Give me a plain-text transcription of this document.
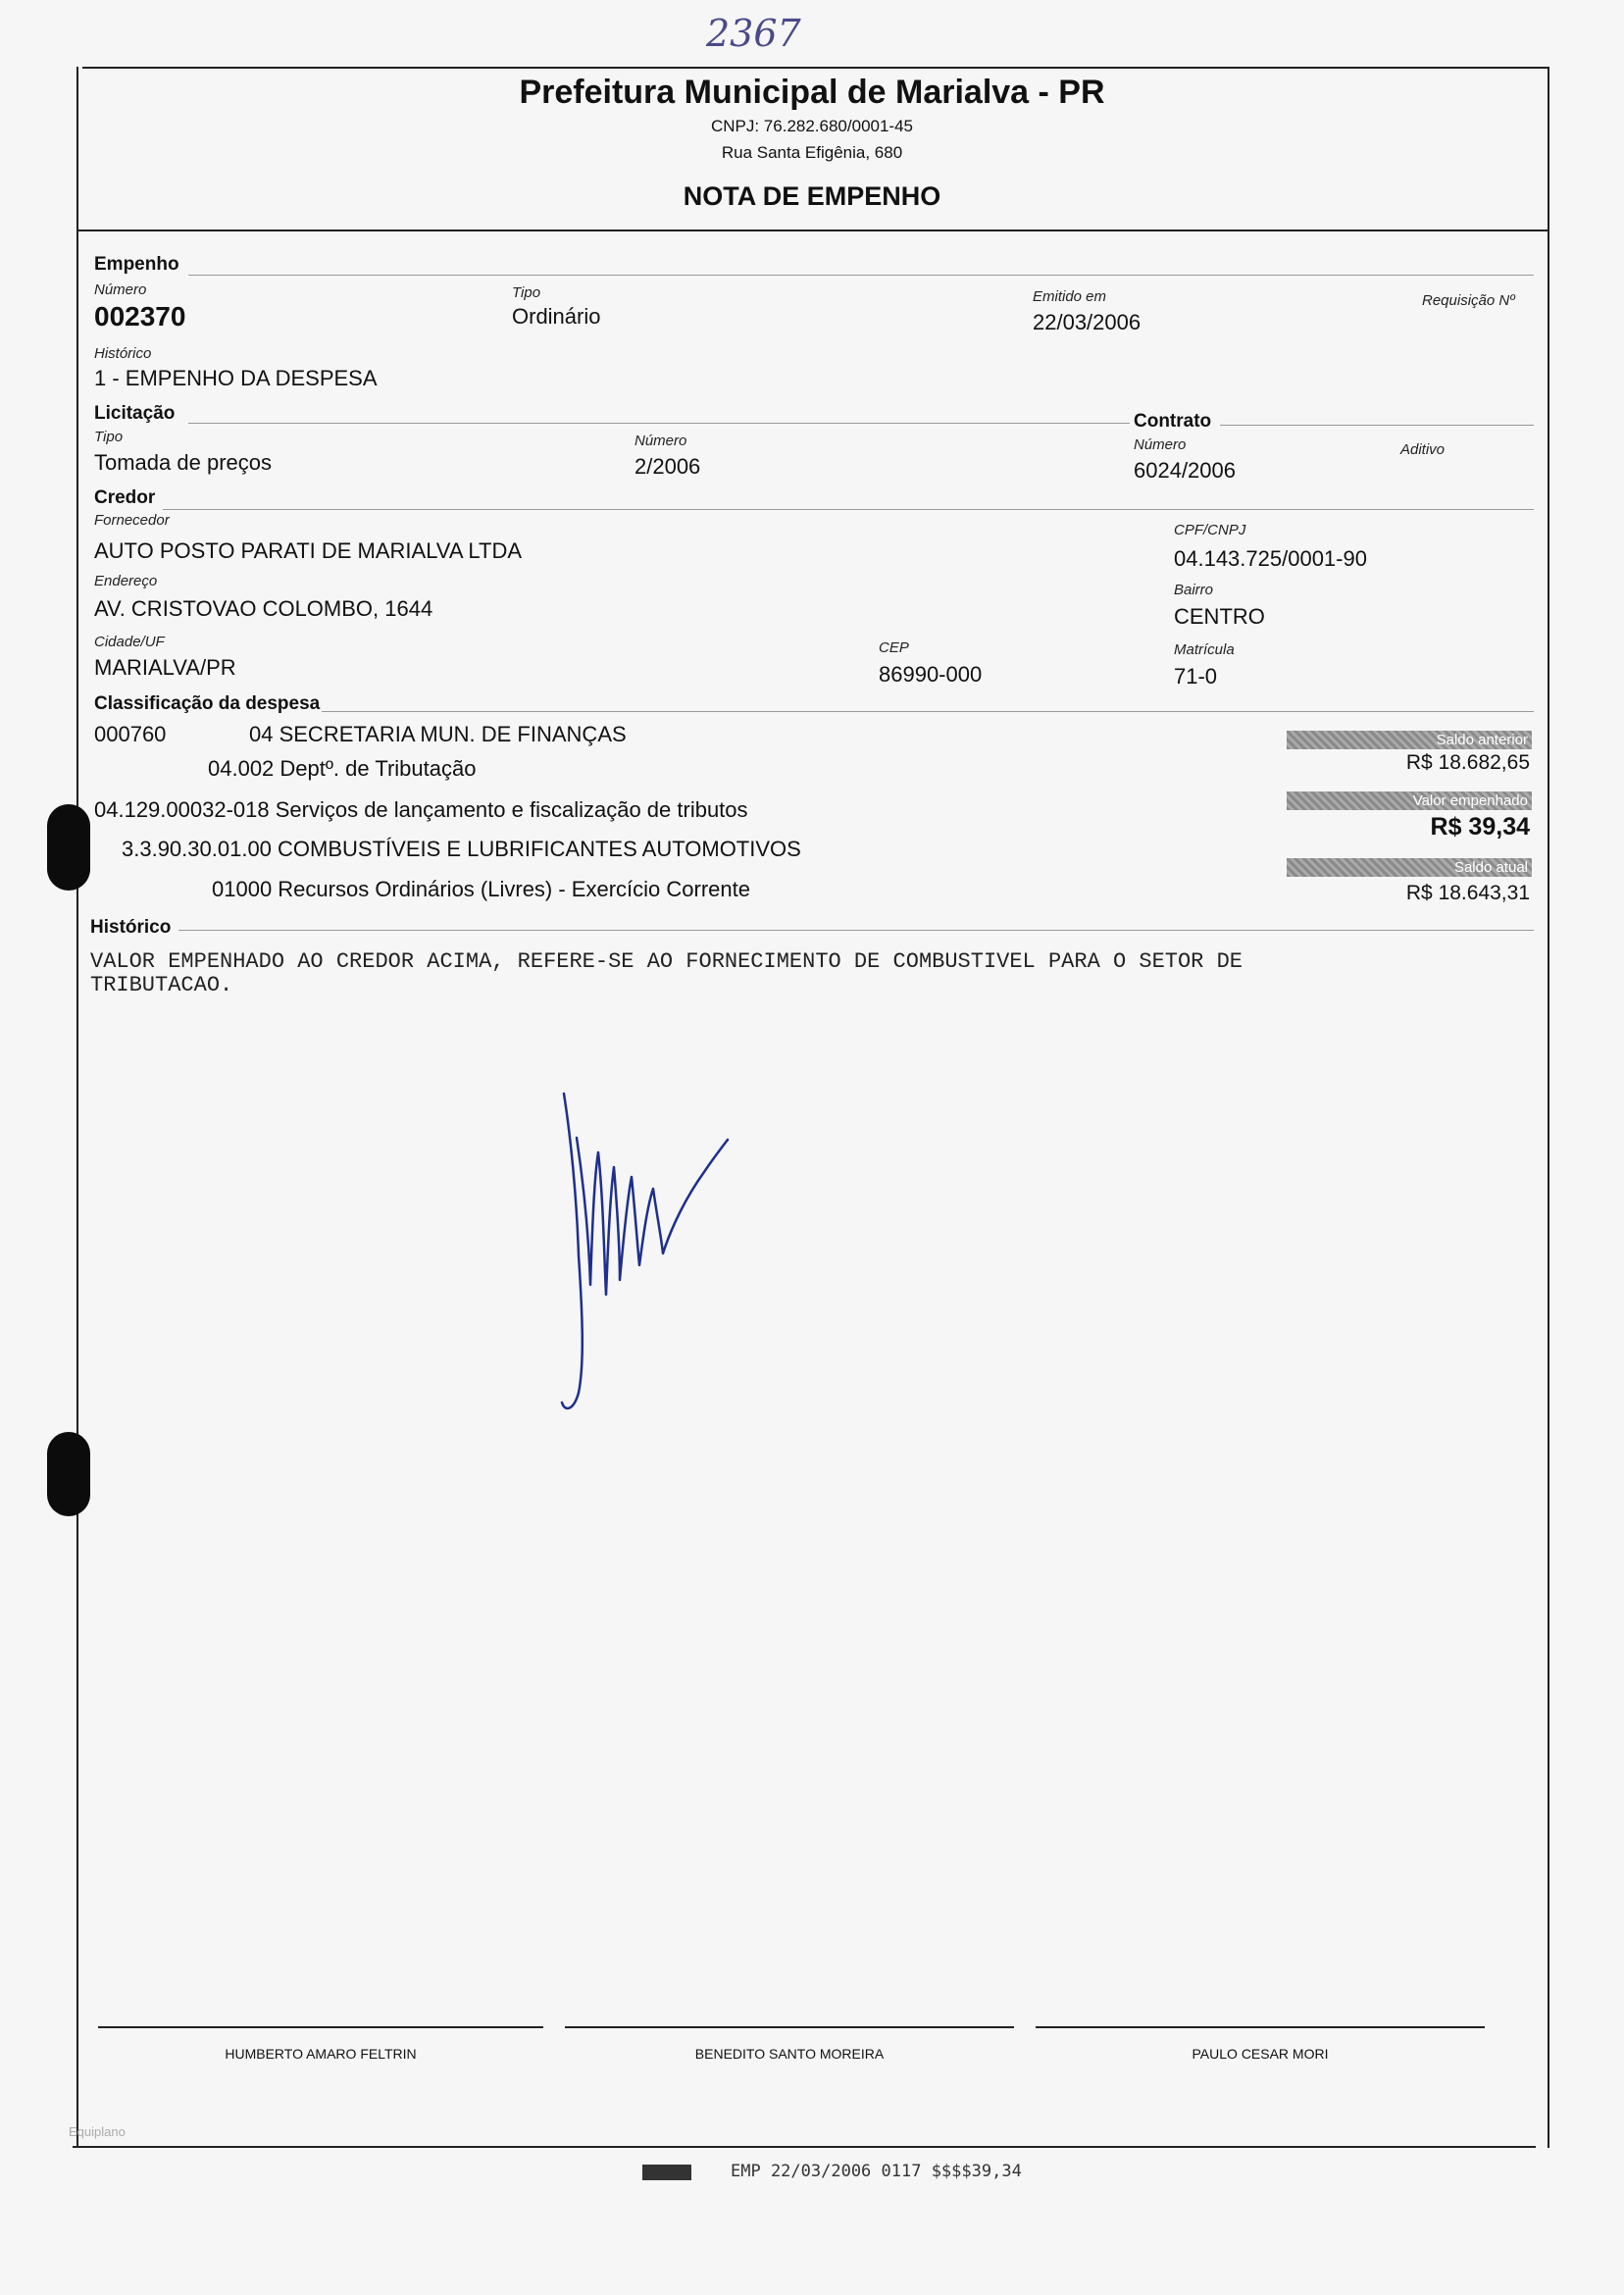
2367
Prefeitura Municipal de Marialva - PR
CNPJ: 76.282.680/0001-45
Rua Santa Efigênia, 680
NOTA DE EMPENHO
Empenho
Número
002370
Tipo
Ordinário
Emitido em
22/03/2006
Requisição Nº
Histórico
1 - EMPENHO DA DESPESA
Licitação
Tipo
Tomada de preços
Número
2/2006
Contrato
Número
6024/2006
Aditivo
Credor
Fornecedor
AUTO POSTO PARATI DE MARIALVA LTDA
CPF/CNPJ
04.143.725/0001-90
Endereço
AV. CRISTOVAO COLOMBO, 1644
Bairro
CENTRO
Cidade/UF
MARIALVA/PR
CEP
86990-000
Matrícula
71-0
Classificação da despesa
000760	04 SECRETARIA MUN. DE FINANÇAS
04.002 Deptº. de Tributação
04.129.00032-018 Serviços de lançamento e fiscalização de tributos
3.3.90.30.01.00 COMBUSTÍVEIS E LUBRIFICANTES AUTOMOTIVOS
01000 Recursos Ordinários (Livres) - Exercício Corrente
Saldo anterior
R$ 18.682,65
Valor empenhado
R$ 39,34
Saldo atual
R$ 18.643,31
Histórico
VALOR EMPENHADO AO CREDOR ACIMA, REFERE-SE AO FORNECIMENTO DE COMBUSTIVEL PARA O SETOR DE
TRIBUTACAO.
HUMBERTO AMARO FELTRIN	BENEDITO SANTO MOREIRA	PAULO CESAR MORI
Equiplano
EMP 22/03/2006 0117 $$$$39,34
